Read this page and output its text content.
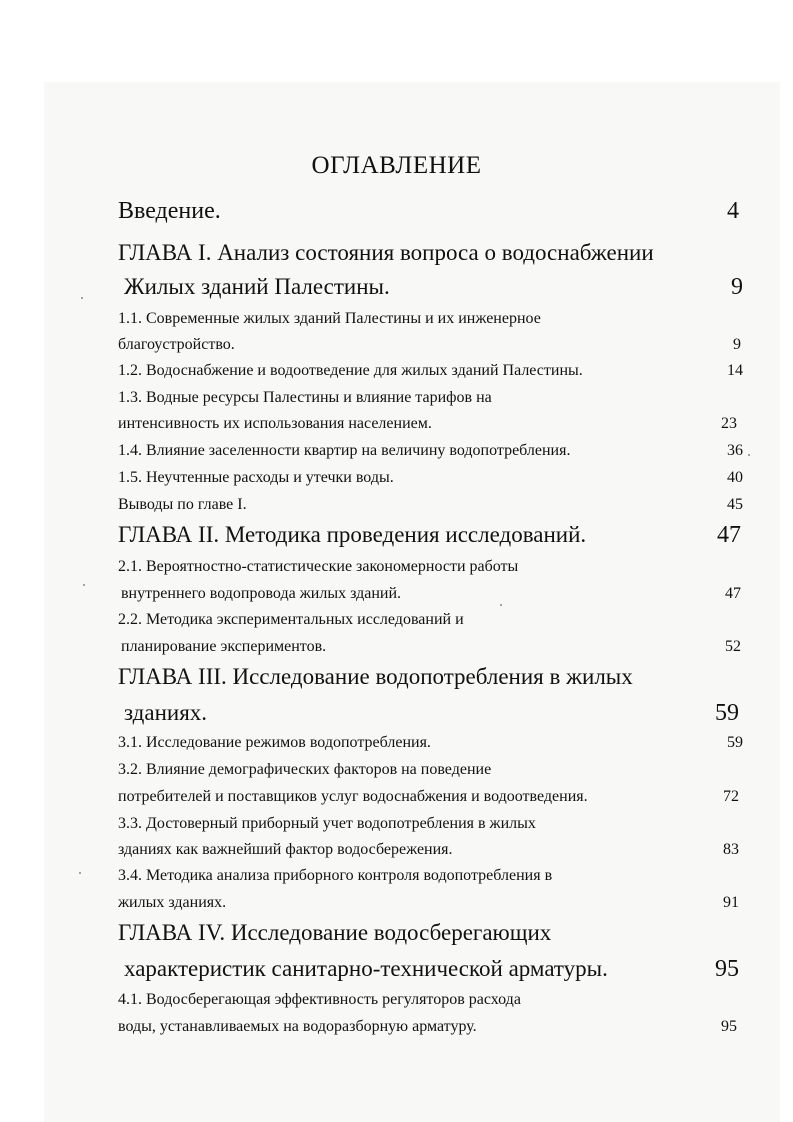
ОГЛАВЛЕНИЕ
Введение.	4
ГЛАВА I. Анализ состояния вопроса о водоснабжении
Жилых зданий Палестины.	9
1.1. Современные жилых зданий Палестины и их инженерное
благоустройство.	9
1.2. Водоснабжение и водоотведение для жилых зданий Палестины.	14
1.3. Водные ресурсы Палестины и влияние тарифов на
интенсивность их использования населением.	23
1.4. Влияние заселенности квартир на величину водопотребления.	36
1.5. Неучтенные расходы и утечки воды.	40
Выводы по главе I.	45
ГЛАВА II. Методика проведения исследований.	47
2.1. Вероятностно-статистические закономерности работы
внутреннего водопровода жилых зданий.	47
2.2. Методика экспериментальных исследований и
планирование экспериментов.	52
ГЛАВА III. Исследование водопотребления в жилых
зданиях.	59
3.1. Исследование режимов водопотребления.	59
3.2. Влияние демографических факторов на поведение
потребителей и поставщиков услуг водоснабжения и водоотведения.	72
3.3. Достоверный приборный учет водопотребления в жилых
зданиях как важнейший фактор водосбережения.	83
3.4. Методика анализа приборного контроля водопотребления в
жилых зданиях.	91
ГЛАВА IV. Исследование водосберегающих
характеристик санитарно-технической арматуры.	95
4.1. Водосберегающая эффективность регуляторов расхода
воды, устанавливаемых на водоразборную арматуру.	95
